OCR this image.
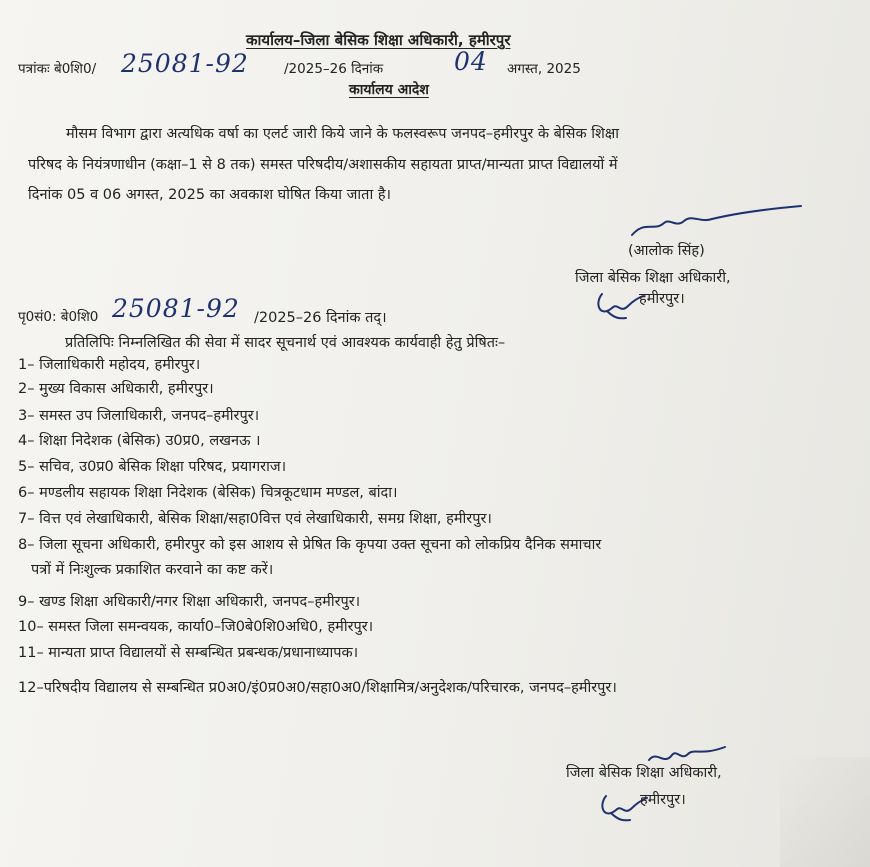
कार्यालय–जिला बेसिक शिक्षा अधिकारी, हमीरपुर
पत्रांकः बे0शि0/ 25081-92	/2025–26 दिनांक	04 अगस्त, 2025
कार्यालय आदेश
मौसम विभाग द्वारा अत्यधिक वर्षा का एलर्ट जारी किये जाने के फलस्वरूप जनपद–हमीरपुर के बेसिक शिक्षा
परिषद के नियंत्रणाधीन (कक्षा–1 से 8 तक) समस्त परिषदीय/अशासकीय सहायता प्राप्त/मान्यता प्राप्त विद्यालयों में
दिनांक 05 व 06 अगस्त, 2025 का अवकाश घोषित किया जाता है।
(आलोक सिंह)
जिला बेसिक शिक्षा अधिकारी,
हमीरपुर।
पृ0सं0: बे0शि0 25081-92 /2025–26 दिनांक तद्।
प्रतिलिपिः निम्नलिखित की सेवा में सादर सूचनार्थ एवं आवश्यक कार्यवाही हेतु प्रेषितः–
1– जिलाधिकारी महोदय, हमीरपुर।
2– मुख्य विकास अधिकारी, हमीरपुर।
3– समस्त उप जिलाधिकारी, जनपद–हमीरपुर।
4– शिक्षा निदेशक (बेसिक) उ0प्र0, लखनऊ ।
5– सचिव, उ0प्र0 बेसिक शिक्षा परिषद, प्रयागराज।
6– मण्डलीय सहायक शिक्षा निदेशक (बेसिक) चित्रकूटधाम मण्डल, बांदा।
7– वित्त एवं लेखाधिकारी, बेसिक शिक्षा/सहा0वित्त एवं लेखाधिकारी, समग्र शिक्षा, हमीरपुर।
8– जिला सूचना अधिकारी, हमीरपुर को इस आशय से प्रेषित कि कृपया उक्त सूचना को लोकप्रिय दैनिक समाचार
पत्रों में निःशुल्क प्रकाशित करवाने का कष्ट करें।
9– खण्ड शिक्षा अधिकारी/नगर शिक्षा अधिकारी, जनपद–हमीरपुर।
10– समस्त जिला समन्वयक, कार्या0–जि0बे0शि0अधि0, हमीरपुर।
11– मान्यता प्राप्त विद्यालयों से सम्बन्धित प्रबन्धक/प्रधानाध्यापक।
12–परिषदीय विद्यालय से सम्बन्धित प्र0अ0/इं0प्र0अ0/सहा0अ0/शिक्षामित्र/अनुदेशक/परिचारक, जनपद–हमीरपुर।
जिला बेसिक शिक्षा अधिकारी,
हमीरपुर।
